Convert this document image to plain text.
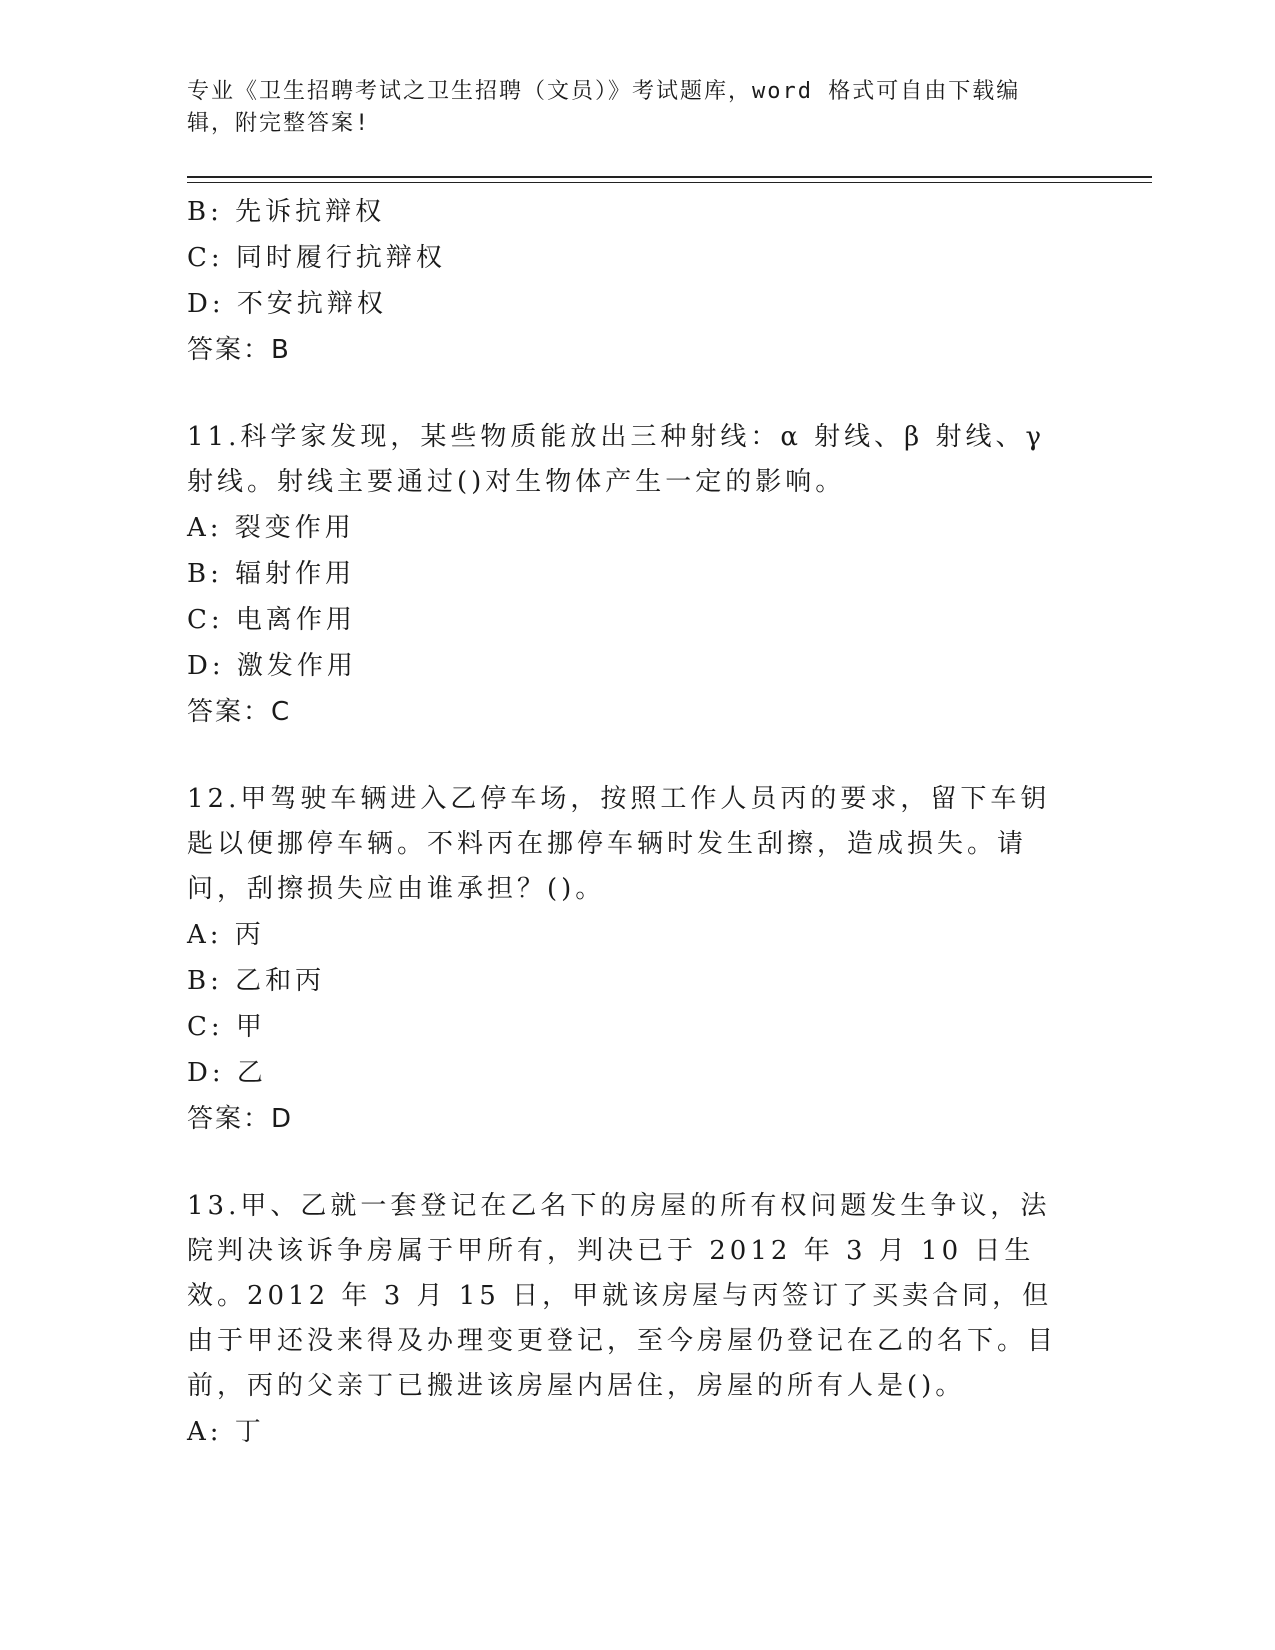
专业《卫生招聘考试之卫生招聘（文员）》考试题库，word 格式可自由下载编辑，附完整答案!
B: 先诉抗辩权
C: 同时履行抗辩权
D: 不安抗辩权
答案：B
11.科学家发现，某些物质能放出三种射线：α 射线、β 射线、γ 射线。射线主要通过()对生物体产生一定的影响。
A: 裂变作用
B: 辐射作用
C: 电离作用
D: 激发作用
答案：C
12.甲驾驶车辆进入乙停车场，按照工作人员丙的要求，留下车钥匙以便挪停车辆。不料丙在挪停车辆时发生刮擦，造成损失。请问，刮擦损失应由谁承担？()。
A: 丙
B: 乙和丙
C: 甲
D: 乙
答案：D
13.甲、乙就一套登记在乙名下的房屋的所有权问题发生争议，法院判决该诉争房属于甲所有，判决已于 2012 年 3 月 10 日生效。2012 年 3 月 15 日，甲就该房屋与丙签订了买卖合同，但由于甲还没来得及办理变更登记，至今房屋仍登记在乙的名下。目前，丙的父亲丁已搬进该房屋内居住，房屋的所有人是()。
A: 丁
